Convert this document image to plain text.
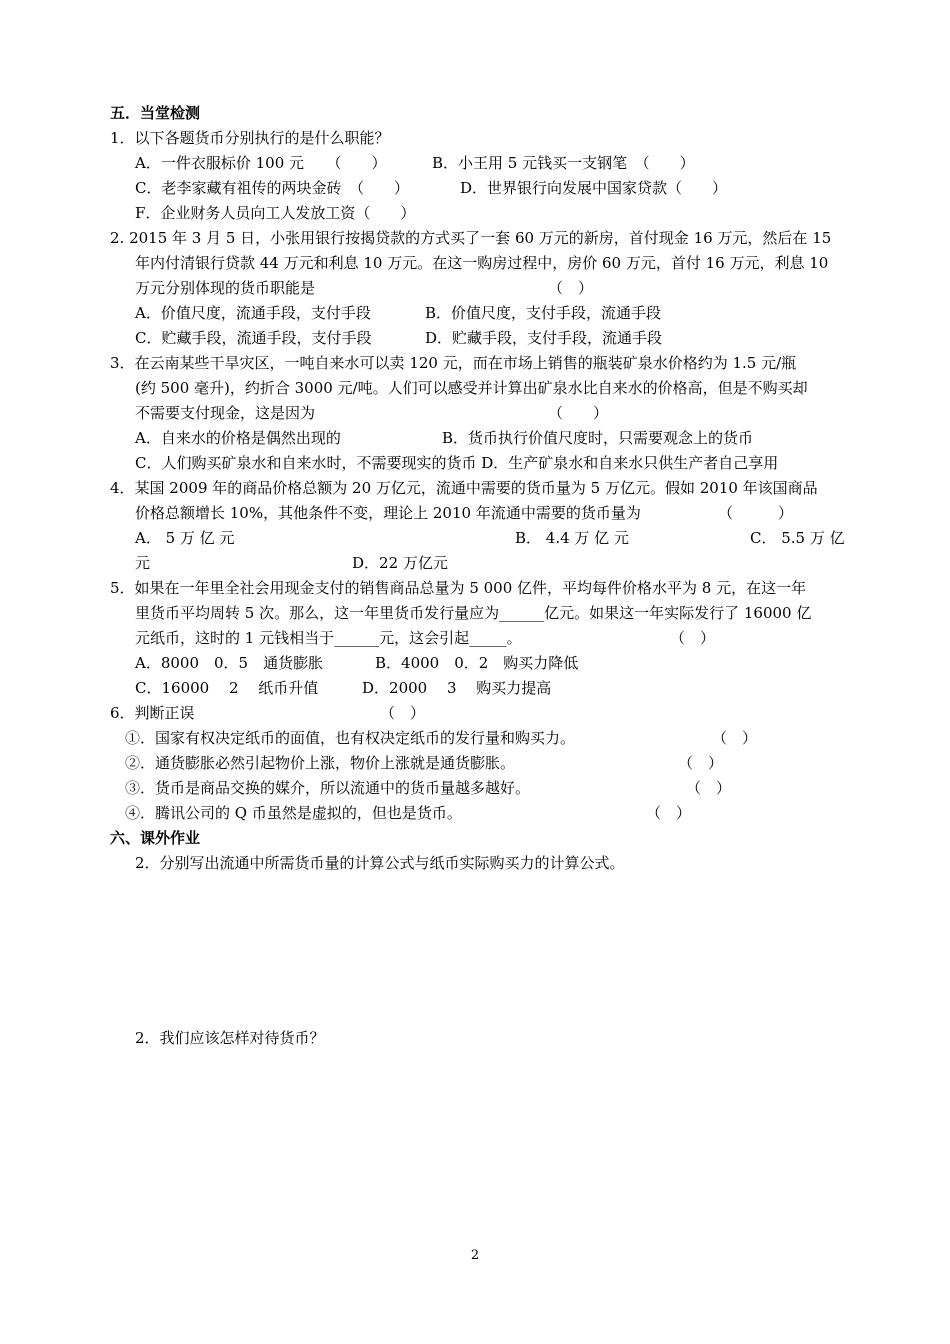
五．当堂检测
1．以下各题货币分别执行的是什么职能？
A．一件衣服标价 100 元　　（　　）	B．小王用 5 元钱买一支钢笔　（　　）
C．老李家藏有祖传的两块金砖　（　　）	D．世界银行向发展中国家贷款（　　）
F．企业财务人员向工人发放工资（　　）
2. 2015 年 3 月 5 日，小张用银行按揭贷款的方式买了一套 60 万元的新房，首付现金 16 万元，然后在 15
年内付清银行贷款 44 万元和利息 10 万元。在这一购房过程中，房价 60 万元，首付 16 万元，利息 10
万元分别体现的货币职能是	（　）
A．价值尺度，流通手段，支付手段	B．价值尺度，支付手段，流通手段
C．贮藏手段，流通手段，支付手段	D．贮藏手段，支付手段，流通手段
3．在云南某些干旱灾区，一吨自来水可以卖 120 元，而在市场上销售的瓶装矿泉水价格约为 1.5 元/瓶
(约 500 毫升)，约折合 3000 元/吨。人们可以感受并计算出矿泉水比自来水的价格高，但是不购买却
不需要支付现金，这是因为	（　　）
A．自来水的价格是偶然出现的	B．货币执行价值尺度时，只需要观念上的货币
C．人们购买矿泉水和自来水时，不需要现实的货币 D．生产矿泉水和自来水只供生产者自己享用
4．某国 2009 年的商品价格总额为 20 万亿元，流通中需要的货币量为 5 万亿元。假如 2010 年该国商品
价格总额增长 10%，其他条件不变，理论上 2010 年流通中需要的货币量为	（　　　）
A． 5 万 亿 元	B． 4.4 万 亿 元	C． 5.5 万 亿
元	D．22 万亿元
5．如果在一年里全社会用现金支付的销售商品总量为 5 000 亿件，平均每件价格水平为 8 元，在这一年
里货币平均周转 5 次。那么，这一年里货币发行量应为______亿元。如果这一年实际发行了 16000 亿
元纸币，这时的 1 元钱相当于______元，这会引起_____。	（　）
A．8000　0．5　通货膨胀	B．4000　0．2　购买力降低
C．16000　 2　 纸币升值	D．2000　 3　 购买力提高
6．判断正误	（　）
①．国家有权决定纸币的面值，也有权决定纸币的发行量和购买力。	（　）
②．通货膨胀必然引起物价上涨，物价上涨就是通货膨胀。	（　）
③．货币是商品交换的媒介，所以流通中的货币量越多越好。	（　）
④．腾讯公司的 Q 币虽然是虚拟的，但也是货币。	（　）
六、课外作业
2．分别写出流通中所需货币量的计算公式与纸币实际购买力的计算公式。
2．我们应该怎样对待货币？
2
